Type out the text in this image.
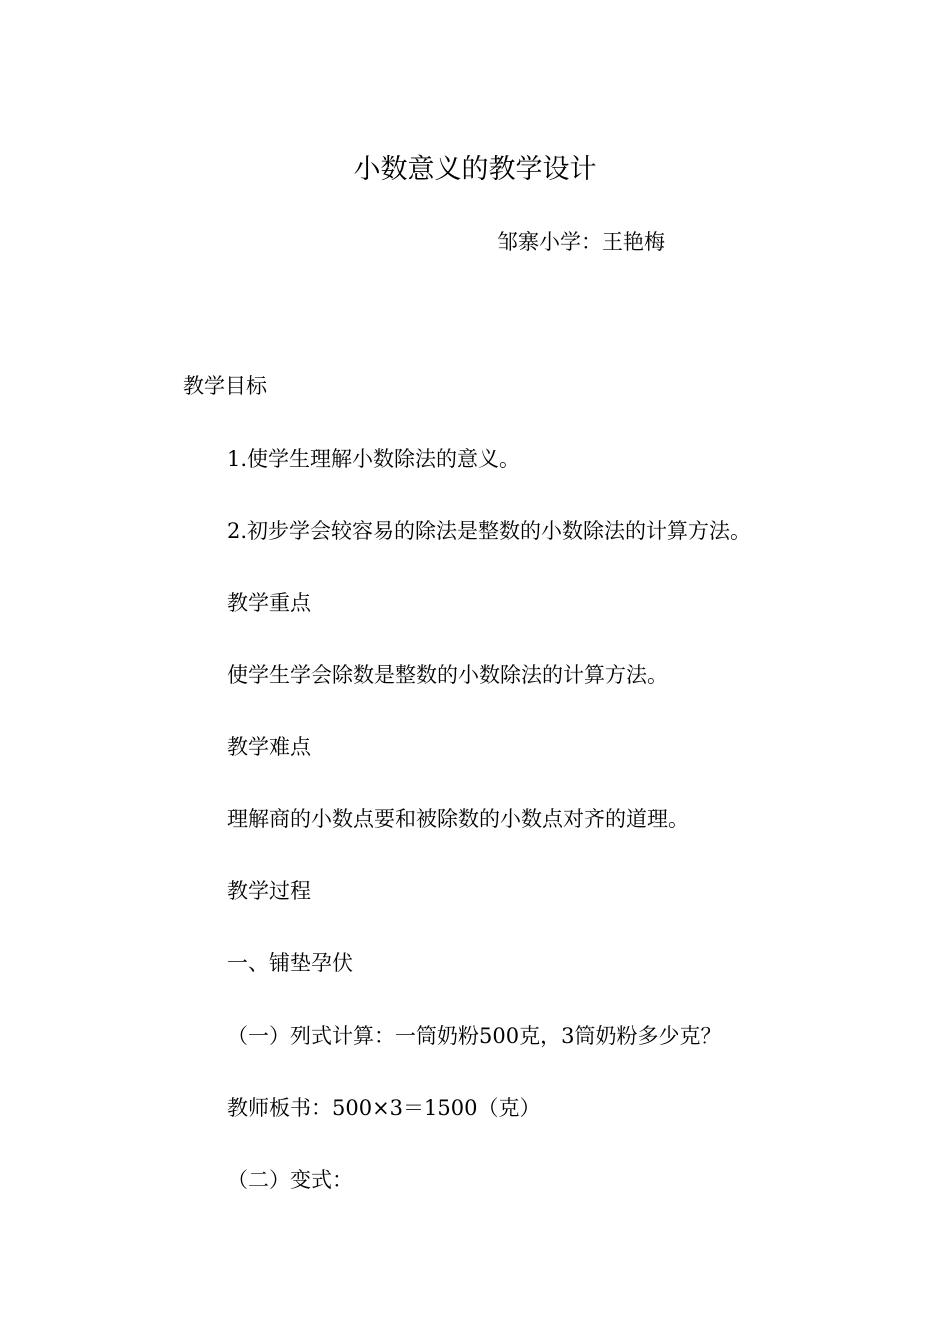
小数意义的教学设计
邹寨小学：王艳梅
教学目标
1.使学生理解小数除法的意义。
2.初步学会较容易的除法是整数的小数除法的计算方法。
教学重点
使学生学会除数是整数的小数除法的计算方法。
教学难点
理解商的小数点要和被除数的小数点对齐的道理。
教学过程
一、铺垫孕伏
（一）列式计算：一筒奶粉500克，3筒奶粉多少克？
教师板书：500×3＝1500（克）
（二）变式：
